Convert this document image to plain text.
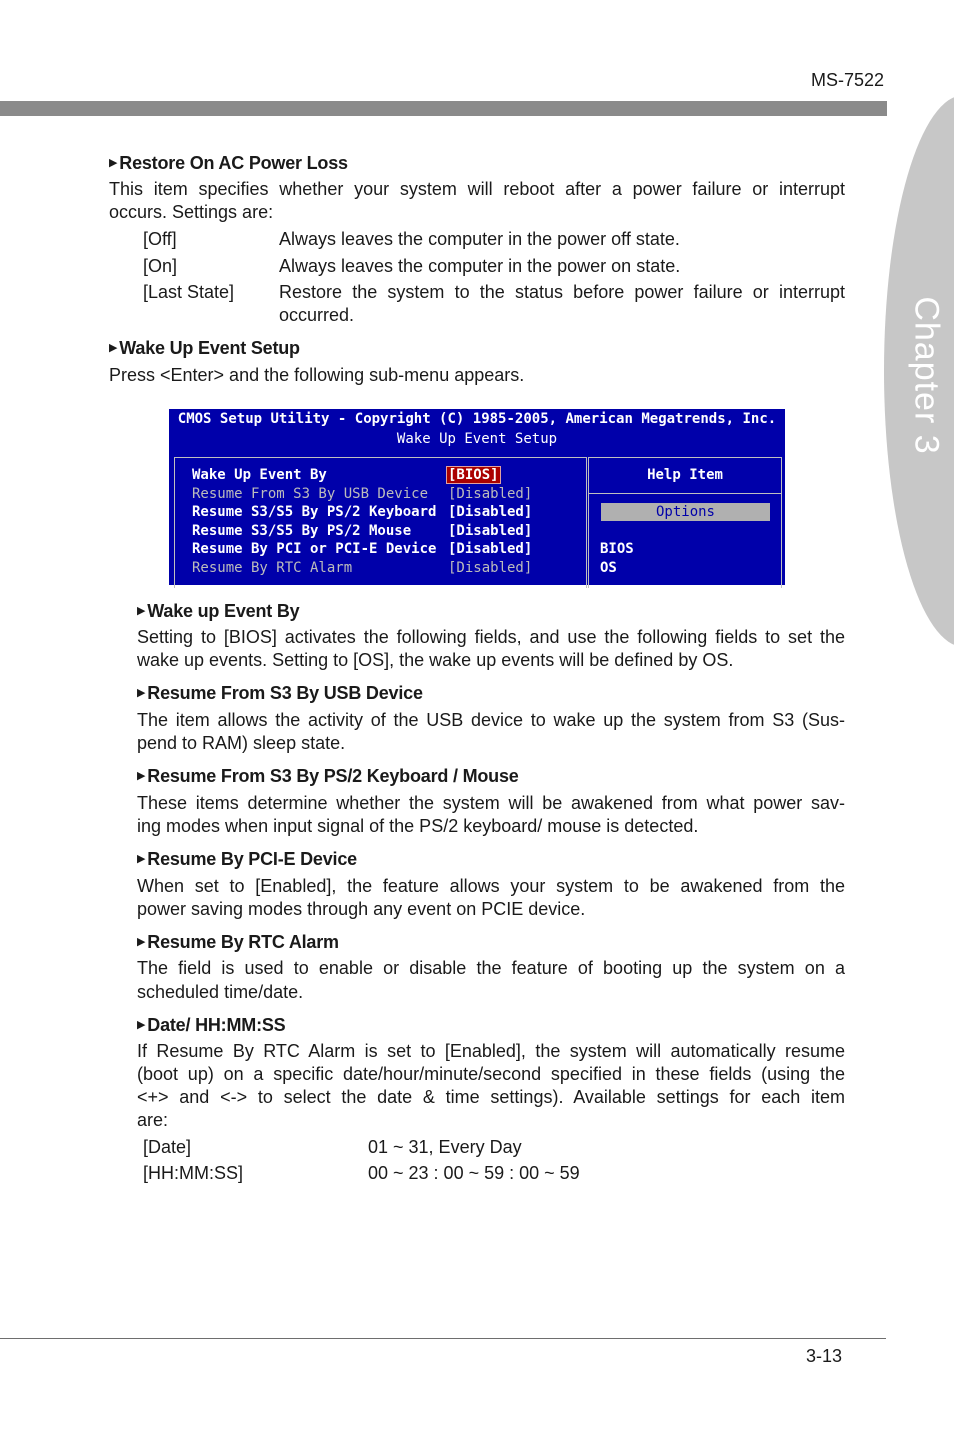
MS-7522
Chapter 3
▶ Restore On AC Power Loss
This item specifies whether your system will reboot after a power failure or interrupt
occurs. Settings are:
[Off]	Always leaves the computer in the power off state.
[On]	Always leaves the computer in the power on state.
[Last State] Restore the system to the status before power failure or interrupt
occurred.
▶ Wake Up Event Setup
Press <Enter> and the following sub-menu appears.
CMOS Setup Utility - Copyright (C) 1985-2005, American Megatrends, Inc.
Wake Up Event Setup
Wake Up Event By	[BIOS]
Resume From S3 By USB Device [Disabled]
Resume S3/S5 By PS/2 Keyboard [Disabled]
Resume S3/S5 By PS/2 Mouse	[Disabled]
Resume By PCI or PCI-E Device [Disabled]
Resume By RTC Alarm	[Disabled]
Help Item
Options
BIOS
OS
▶ Wake up Event By
Setting to [BIOS] activates the following fields, and use the following fields to set the
wake up events. Setting to [OS], the wake up events will be defined by OS.
▶ Resume From S3 By USB Device
The item allows the activity of the USB device to wake up the system from S3 (Sus-
pend to RAM) sleep state.
▶ Resume From S3 By PS/2 Keyboard / Mouse
These items determine whether the system will be awakened from what power sav-
ing modes when input signal of the PS/2 keyboard/ mouse is detected.
▶ Resume By PCI-E Device
When set to [Enabled], the feature allows your system to be awakened from the
power saving modes through any event on PCIE device.
▶ Resume By RTC Alarm
The field is used to enable or disable the feature of booting up the system on a
scheduled time/date.
▶ Date/ HH:MM:SS
If Resume By RTC Alarm is set to [Enabled], the system will automatically resume
(boot up) on a specific date/hour/minute/second specified in these fields (using the
<+> and <-> to select the date & time settings). Available settings for each item
are:
[Date]	01 ~ 31, Every Day
[HH:MM:SS]	00 ~ 23 : 00 ~ 59 : 00 ~ 59
3-13
